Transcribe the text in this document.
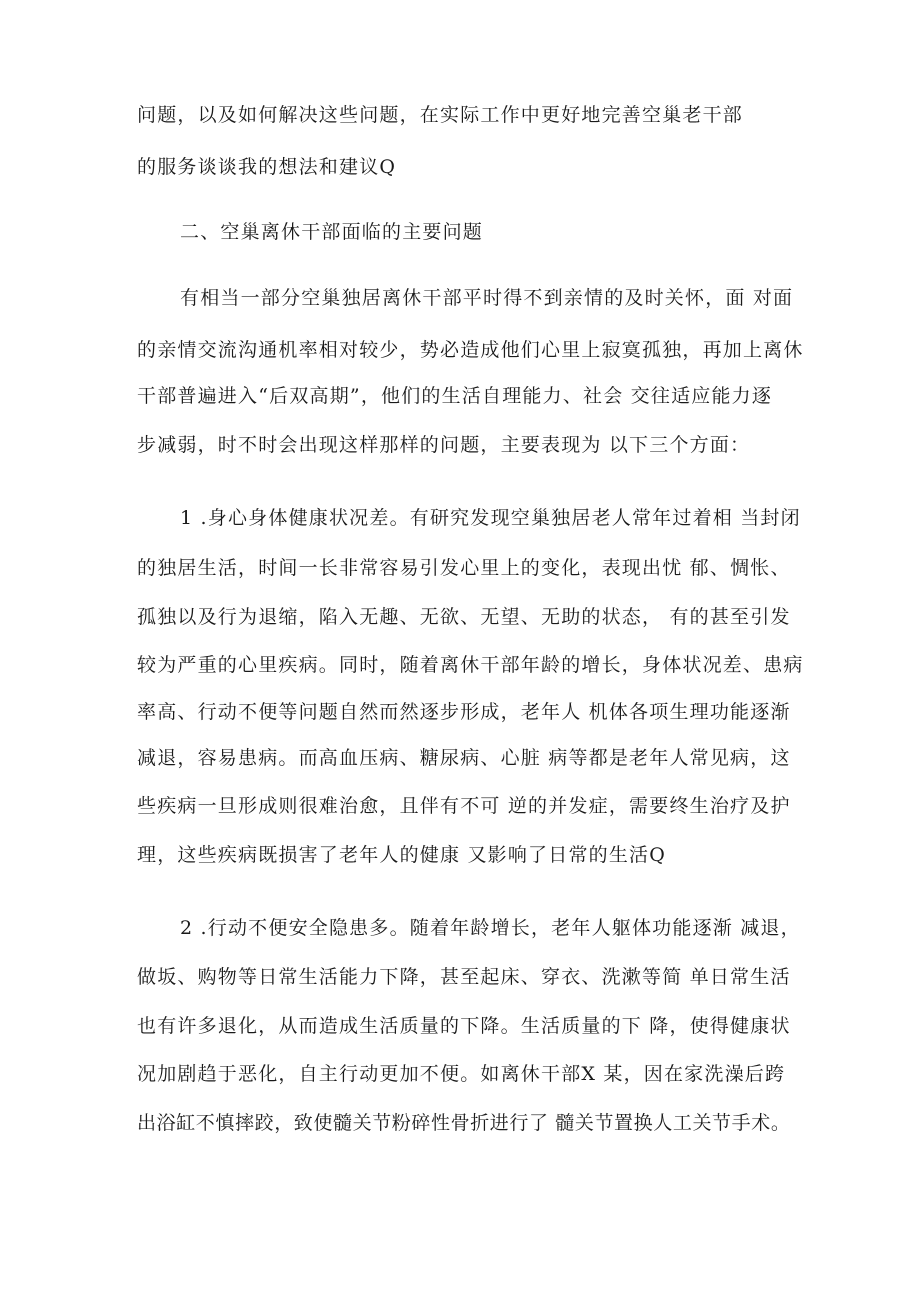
问题，以及如何解决这些问题，在实际工作中更好地完善空巢老干部
的服务谈谈我的想法和建议Q
二、空巢离休干部面临的主要问题
有相当一部分空巢独居离休干部平时得不到亲情的及时关怀，面 对面
的亲情交流沟通机率相对较少，势必造成他们心里上寂寞孤独，再加上离休
干部普遍进入“后双高期”，他们的生活自理能力、社会 交往适应能力逐
步减弱，时不时会出现这样那样的问题，主要表现为 以下三个方面：
1 .身心身体健康状况差。有研究发现空巢独居老人常年过着相 当封闭
的独居生活，时间一长非常容易引发心里上的变化，表现出忧 郁、惆怅、
孤独以及行为退缩，陷入无趣、无欲、无望、无助的状态， 有的甚至引发
较为严重的心里疾病。同时，随着离休干部年龄的增长，身体状况差、患病
率高、行动不便等问题自然而然逐步形成，老年人 机体各项生理功能逐渐
减退，容易患病。而高血压病、糖尿病、心脏 病等都是老年人常见病，这
些疾病一旦形成则很难治愈，且伴有不可 逆的并发症，需要终生治疗及护
理，这些疾病既损害了老年人的健康 又影响了日常的生活Q
2 .行动不便安全隐患多。随着年龄增长，老年人躯体功能逐渐 减退，
做坂、购物等日常生活能力下降，甚至起床、穿衣、洗漱等简 单日常生活
也有许多退化，从而造成生活质量的下降。生活质量的下 降，使得健康状
况加剧趋于恶化，自主行动更加不便。如离休干部X 某，因在家洗澡后跨
出浴缸不慎摔跤，致使髓关节粉碎性骨折进行了 髓关节置换人工关节手术。
